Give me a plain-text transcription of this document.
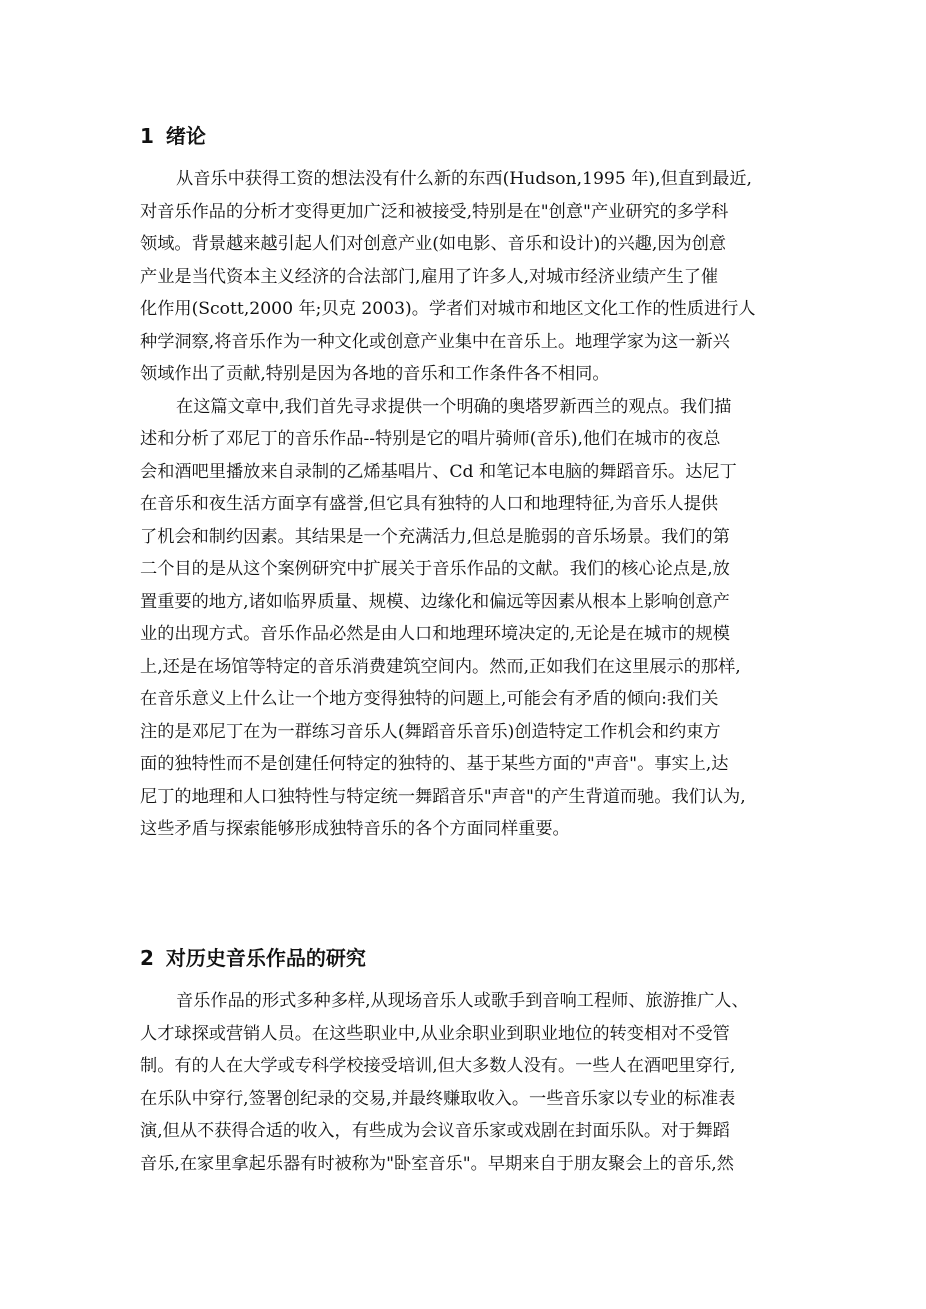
1 绪论
从音乐中获得工资的想法没有什么新的东西(Hudson,1995 年),但直到最近,
对音乐作品的分析才变得更加广泛和被接受,特别是在"创意"产业研究的多学科
领域。背景越来越引起人们对创意产业(如电影、音乐和设计)的兴趣,因为创意
产业是当代资本主义经济的合法部门,雇用了许多人,对城市经济业绩产生了催
化作用(Scott,2000 年;贝克 2003)。学者们对城市和地区文化工作的性质进行人
种学洞察,将音乐作为一种文化或创意产业集中在音乐上。地理学家为这一新兴
领域作出了贡献,特别是因为各地的音乐和工作条件各不相同。
在这篇文章中,我们首先寻求提供一个明确的奥塔罗新西兰的观点。我们描
述和分析了邓尼丁的音乐作品--特别是它的唱片骑师(音乐),他们在城市的夜总
会和酒吧里播放来自录制的乙烯基唱片、Cd 和笔记本电脑的舞蹈音乐。达尼丁
在音乐和夜生活方面享有盛誉,但它具有独特的人口和地理特征,为音乐人提供
了机会和制约因素。其结果是一个充满活力,但总是脆弱的音乐场景。我们的第
二个目的是从这个案例研究中扩展关于音乐作品的文献。我们的核心论点是,放
置重要的地方,诸如临界质量、规模、边缘化和偏远等因素从根本上影响创意产
业的出现方式。音乐作品必然是由人口和地理环境决定的,无论是在城市的规模
上,还是在场馆等特定的音乐消费建筑空间内。然而,正如我们在这里展示的那样,
在音乐意义上什么让一个地方变得独特的问题上,可能会有矛盾的倾向:我们关
注的是邓尼丁在为一群练习音乐人(舞蹈音乐音乐)创造特定工作机会和约束方
面的独特性而不是创建任何特定的独特的、基于某些方面的"声音"。事实上,达
尼丁的地理和人口独特性与特定统一舞蹈音乐"声音"的产生背道而驰。我们认为,
这些矛盾与探索能够形成独特音乐的各个方面同样重要。
2 对历史音乐作品的研究
音乐作品的形式多种多样,从现场音乐人或歌手到音响工程师、旅游推广人、
人才球探或营销人员。在这些职业中,从业余职业到职业地位的转变相对不受管
制。有的人在大学或专科学校接受培训,但大多数人没有。一些人在酒吧里穿行,
在乐队中穿行,签署创纪录的交易,并最终赚取收入。一些音乐家以专业的标准表
演,但从不获得合适的收入，有些成为会议音乐家或戏剧在封面乐队。对于舞蹈
音乐,在家里拿起乐器有时被称为"卧室音乐"。早期来自于朋友聚会上的音乐,然
